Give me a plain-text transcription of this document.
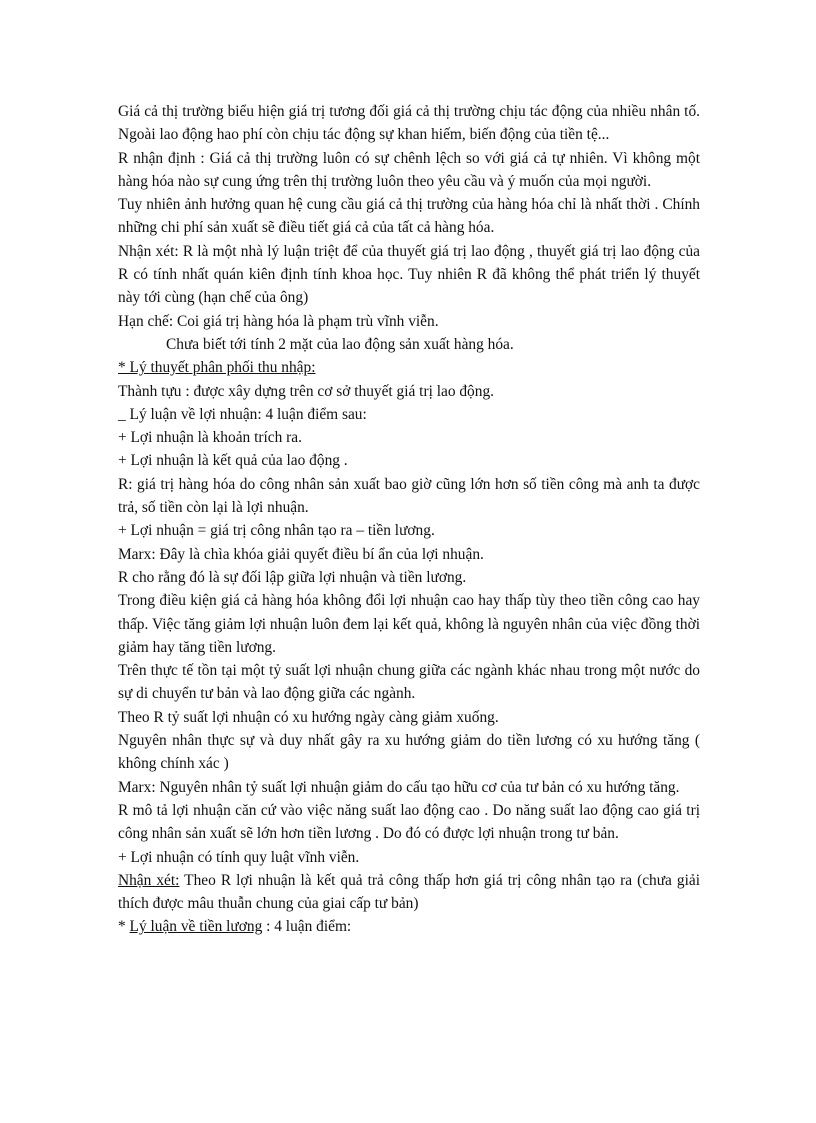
Giá cả thị trường biểu hiện giá trị tương đối giá cả thị trường chịu tác động của nhiều nhân tố. Ngoài lao động hao phí còn chịu tác động sự khan hiếm, biến động của tiền tệ...

R nhận định : Giá cả thị trường luôn có sự chênh lệch so với giá cả tự nhiên. Vì không một hàng hóa nào sự cung ứng trên thị trường luôn theo yêu cầu và ý muốn của mọi người.

Tuy nhiên ảnh hưởng quan hệ cung cầu giá cả thị trường của hàng hóa chỉ là nhất thời . Chính những chi phí sản xuất sẽ điều tiết giá cả của tất cả hàng hóa.

Nhận xét: R là một nhà lý luận triệt để của thuyết giá trị lao động , thuyết giá trị lao động của R có tính nhất quán kiên định tính khoa học. Tuy nhiên R đã không thể phát triển lý thuyết này tới cùng (hạn chế của ông)

Hạn chế: Coi giá trị hàng hóa là phạm trù vĩnh viễn.

Chưa biết tới tính 2 mặt của lao động sản xuất hàng hóa.

* Lý thuyết phân phối thu nhập:

Thành tựu : được xây dựng trên cơ sở thuyết giá trị lao động.

_ Lý luận về lợi nhuận: 4 luận điểm sau:

+ Lợi nhuận là khoản trích ra.

+ Lợi nhuận là kết quả của lao động .

R: giá trị hàng hóa do công nhân sản xuất bao giờ cũng lớn hơn số tiền công mà anh ta được trả, số tiền còn lại là lợi nhuận.

+ Lợi nhuận = giá trị công nhân tạo ra – tiền lương.

Marx: Đây là chìa khóa giải quyết điều bí ẩn của lợi nhuận.

R cho rằng đó là sự đối lập giữa lợi nhuận và tiền lương.

Trong điều kiện giá cả hàng hóa không đổi lợi nhuận cao hay thấp tùy theo tiền công cao hay thấp. Việc tăng giảm lợi nhuận luôn đem lại kết quả, không là nguyên nhân của việc đồng thời giảm hay tăng tiền lương.

Trên thực tế tồn tại một tỷ suất lợi nhuận chung giữa các ngành khác nhau trong một nước do sự di chuyển tư bản và lao động giữa các ngành.

Theo R tỷ suất lợi nhuận có xu hướng ngày càng giảm xuống.

Nguyên nhân thực sự và duy nhất gây ra xu hướng giảm do tiền lương có xu hướng tăng ( không chính xác )

Marx: Nguyên nhân tỷ suất lợi nhuận giảm do cấu tạo hữu cơ của tư bản có xu hướng tăng.

R mô tả lợi nhuận căn cứ vào việc năng suất lao động cao . Do năng suất lao động cao giá trị công nhân sản xuất sẽ lớn hơn tiền lương . Do đó có được lợi nhuận trong tư bản.

+ Lợi nhuận có tính quy luật vĩnh viễn.

Nhận xét: Theo R lợi nhuận là kết quả trả công thấp hơn giá trị công nhân tạo ra (chưa giải thích được mâu thuẫn chung của giai cấp tư bản)

* Lý luận về tiền lương : 4 luận điểm:
